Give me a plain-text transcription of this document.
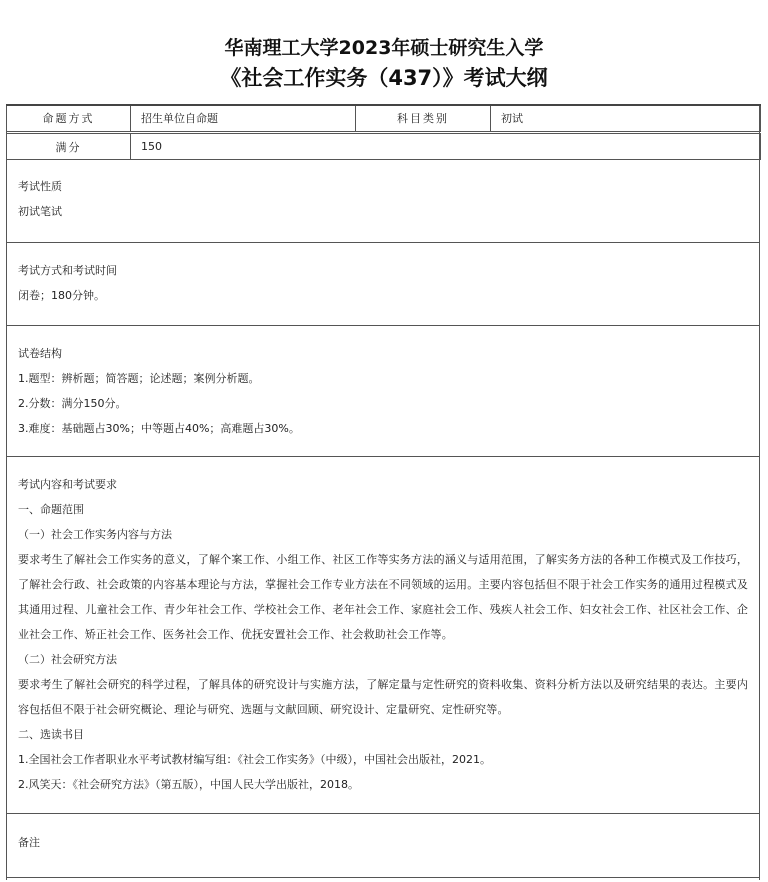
华南理工大学2023年硕士研究生入学
《社会工作实务（437）》考试大纲
命题方式	招生单位自命题	科目类别	初试
满分	150

考试性质

初试笔试

考试方式和考试时间

闭卷；180分钟。

试卷结构

1.题型：辨析题；简答题；论述题；案例分析题。

2.分数：满分150分。

3.难度：基础题占30%；中等题占40%；高难题占30%。

考试内容和考试要求

一、命题范围

（一）社会工作实务内容与方法

要求考生了解社会工作实务的意义，了解个案工作、小组工作、社区工作等实务方法的涵义与适用范围，了解实务方法的各种工作模式及工作技巧，了解社会行政、社会政策的内容基本理论与方法，掌握社会工作专业方法在不同领域的运用。主要内容包括但不限于社会工作实务的通用过程模式及其通用过程、儿童社会工作、青少年社会工作、学校社会工作、老年社会工作、家庭社会工作、残疾人社会工作、妇女社会工作、社区社会工作、企业社会工作、矫正社会工作、医务社会工作、优抚安置社会工作、社会救助社会工作等。

（二）社会研究方法

要求考生了解社会研究的科学过程，了解具体的研究设计与实施方法，了解定量与定性研究的资料收集、资料分析方法以及研究结果的表达。主要内容包括但不限于社会研究概论、理论与研究、选题与文献回顾、研究设计、定量研究、定性研究等。

二、选读书目

1.全国社会工作者职业水平考试教材编写组：《社会工作实务》（中级），中国社会出版社，2021。

2.风笑天：《社会研究方法》（第五版），中国人民大学出版社，2018。

备注
